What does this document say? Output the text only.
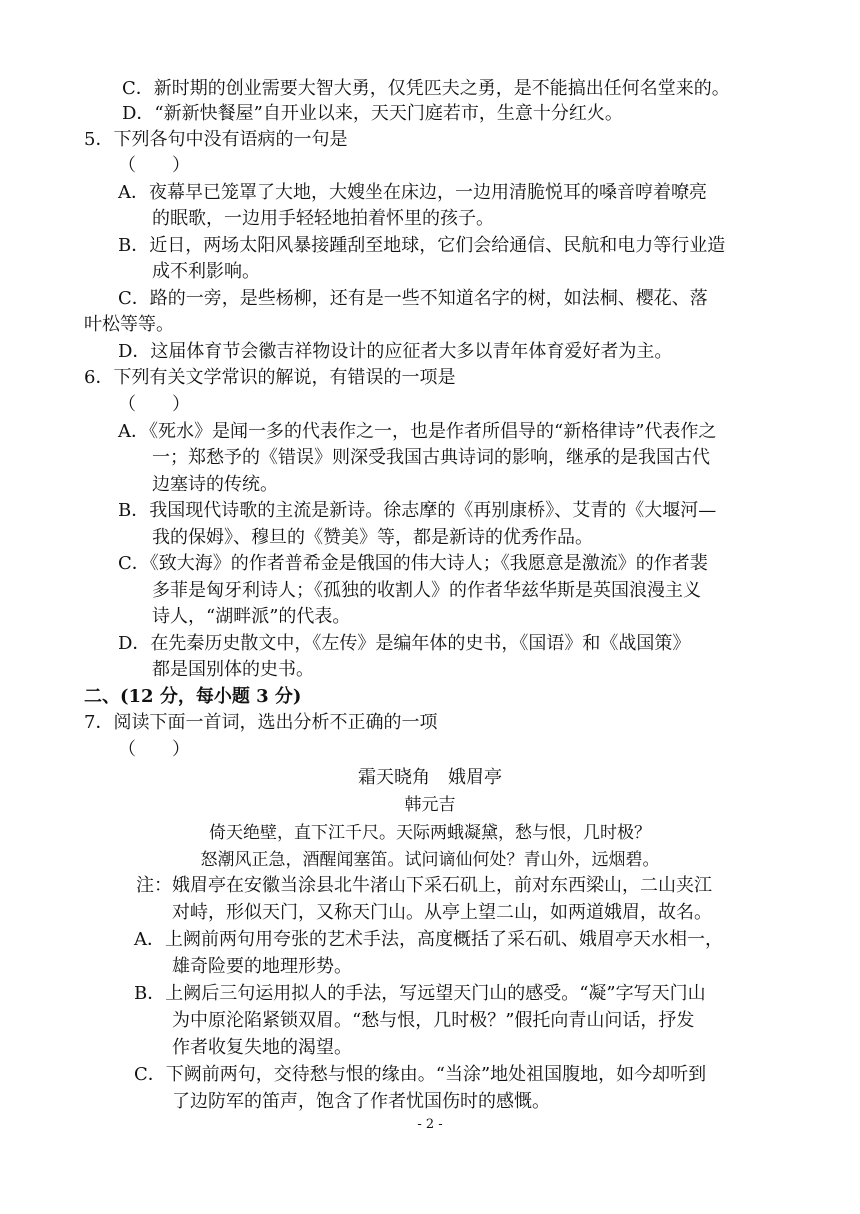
C．新时期的创业需要大智大勇，仅凭匹夫之勇，是不能搞出任何名堂来的。
D．“新新快餐屋”自开业以来，天天门庭若市，生意十分红火。
5．下列各句中没有语病的一句是
（　　）
A．夜幕早已笼罩了大地，大嫂坐在床边，一边用清脆悦耳的嗓音哼着嘹亮
的眠歌，一边用手轻轻地拍着怀里的孩子。
B．近日，两场太阳风暴接踵刮至地球，它们会给通信、民航和电力等行业造
成不利影响。
C．路的一旁，是些杨柳，还有是一些不知道名字的树，如法桐、樱花、落
叶松等等。
D．这届体育节会徽吉祥物设计的应征者大多以青年体育爱好者为主。
6．下列有关文学常识的解说，有错误的一项是
（　　）
A．《死水》是闻一多的代表作之一，也是作者所倡导的“新格律诗”代表作之
一；郑愁予的《错误》则深受我国古典诗词的影响，继承的是我国古代
边塞诗的传统。
B．我国现代诗歌的主流是新诗。徐志摩的《再别康桥》、艾青的《大堰河—
我的保姆》、穆旦的《赞美》等，都是新诗的优秀作品。
C．《致大海》的作者普希金是俄国的伟大诗人；《我愿意是激流》的作者裴
多菲是匈牙利诗人；《孤独的收割人》的作者华兹华斯是英国浪漫主义
诗人，“湖畔派”的代表。
D．在先秦历史散文中，《左传》是编年体的史书，《国语》和《战国策》
都是国别体的史书。
二、(12 分，每小题 3 分)
7．阅读下面一首词，选出分析不正确的一项
（　　）
霜天晓角　娥眉亭
韩元吉
倚天绝壁，直下江千尺。天际两蛾凝黛，愁与恨，几时极？
怒潮风正急，酒醒闻塞笛。试问谪仙何处？青山外，远烟碧。
注：娥眉亭在安徽当涂县北牛渚山下采石矶上，前对东西梁山，二山夹江
对峙，形似天门，又称天门山。从亭上望二山，如两道娥眉，故名。
A．上阙前两句用夸张的艺术手法，高度概括了采石矶、娥眉亭天水相一，
雄奇险要的地理形势。
B．上阙后三句运用拟人的手法，写远望天门山的感受。“凝”字写天门山
为中原沦陷紧锁双眉。“愁与恨，几时极？”假托向青山问话，抒发
作者收复失地的渴望。
C．下阙前两句，交待愁与恨的缘由。“当涂”地处祖国腹地，如今却听到
了边防军的笛声，饱含了作者忧国伤时的感慨。
- 2 -
